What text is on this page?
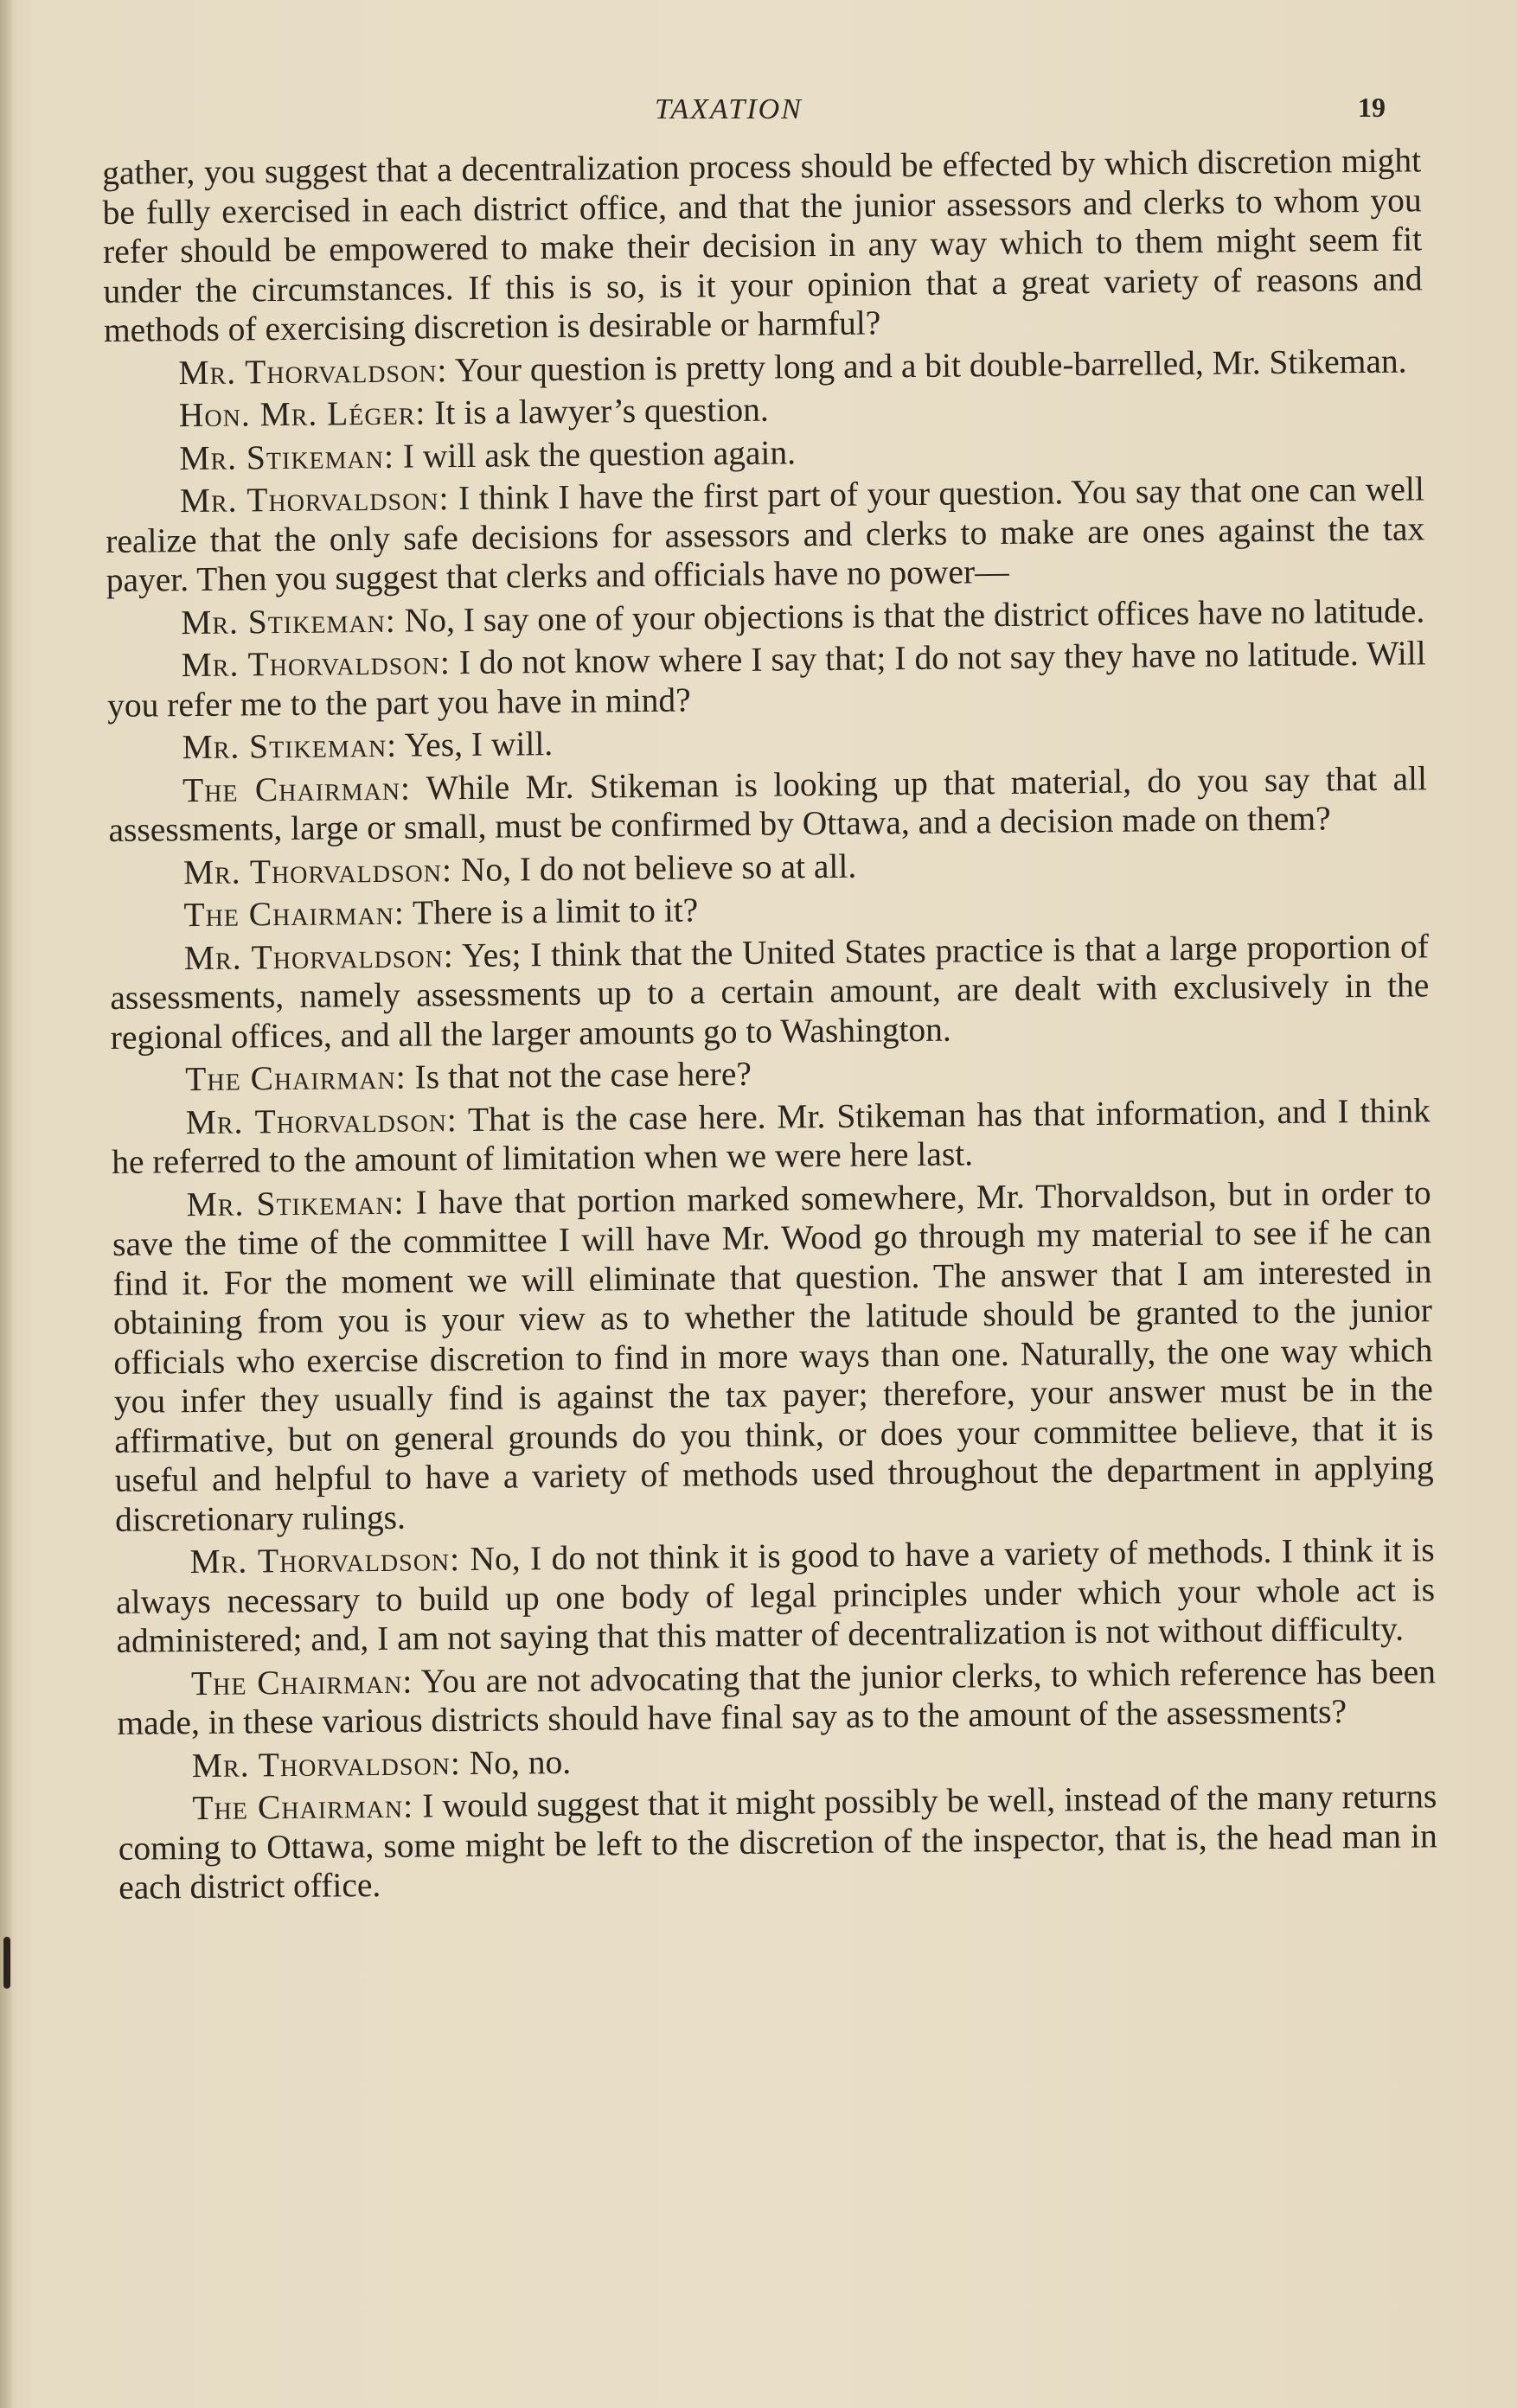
TAXATION	19

gather, you suggest that a decentralization process should be effected by which discretion might be fully exercised in each district office, and that the junior assessors and clerks to whom you refer should be empowered to make their decision in any way which to them might seem fit under the circumstances. If this is so, is it your opinion that a great variety of reasons and methods of exercising discretion is desirable or harmful?

Mr. Thorvaldson: Your question is pretty long and a bit double-barrelled, Mr. Stikeman.

Hon. Mr. Léger: It is a lawyer’s question.

Mr. Stikeman: I will ask the question again.

Mr. Thorvaldson: I think I have the first part of your question. You say that one can well realize that the only safe decisions for assessors and clerks to make are ones against the tax payer. Then you suggest that clerks and officials have no power—

Mr. Stikeman: No, I say one of your objections is that the district offices have no latitude.

Mr. Thorvaldson: I do not know where I say that; I do not say they have no latitude. Will you refer me to the part you have in mind?

Mr. Stikeman: Yes, I will.

The Chairman: While Mr. Stikeman is looking up that material, do you say that all assessments, large or small, must be confirmed by Ottawa, and a decision made on them?

Mr. Thorvaldson: No, I do not believe so at all.

The Chairman: There is a limit to it?

Mr. Thorvaldson: Yes; I think that the United States practice is that a large proportion of assessments, namely assessments up to a certain amount, are dealt with exclusively in the regional offices, and all the larger amounts go to Washington.

The Chairman: Is that not the case here?

Mr. Thorvaldson: That is the case here. Mr. Stikeman has that information, and I think he referred to the amount of limitation when we were here last.

Mr. Stikeman: I have that portion marked somewhere, Mr. Thorvaldson, but in order to save the time of the committee I will have Mr. Wood go through my material to see if he can find it. For the moment we will eliminate that question. The answer that I am interested in obtaining from you is your view as to whether the latitude should be granted to the junior officials who exercise discretion to find in more ways than one. Naturally, the one way which you infer they usually find is against the tax payer; therefore, your answer must be in the affirmative, but on general grounds do you think, or does your committee believe, that it is useful and helpful to have a variety of methods used throughout the department in applying discretionary rulings.

Mr. Thorvaldson: No, I do not think it is good to have a variety of methods. I think it is always necessary to build up one body of legal principles under which your whole act is administered; and, I am not saying that this matter of decentralization is not without difficulty.

The Chairman: You are not advocating that the junior clerks, to which reference has been made, in these various districts should have final say as to the amount of the assessments?

Mr. Thorvaldson: No, no.

The Chairman: I would suggest that it might possibly be well, instead of the many returns coming to Ottawa, some might be left to the discretion of the inspector, that is, the head man in each district office.
